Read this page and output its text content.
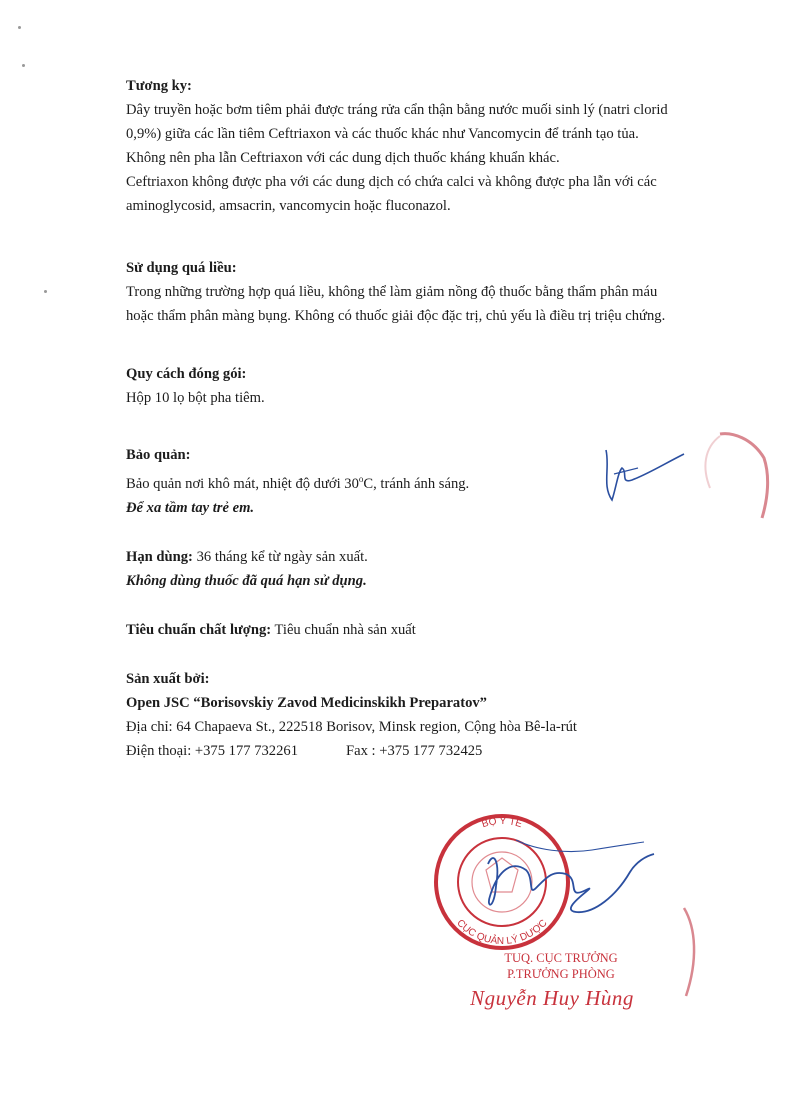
Tương ky:
Dây truyền hoặc bơm tiêm phải được tráng rửa cẩn thận bằng nước muối sinh lý (natri clorid
0,9%) giữa các lần tiêm Ceftriaxon và các thuốc khác như Vancomycin để tránh tạo tủa.
Không nên pha lẫn Ceftriaxon với các dung dịch thuốc kháng khuẩn khác.
Ceftriaxon không được pha với các dung dịch có chứa calci và không được pha lẫn với các
aminoglycosid, amsacrin, vancomycin hoặc fluconazol.
Sử dụng quá liều:
Trong những trường hợp quá liều, không thể làm giảm nồng độ thuốc bằng thẩm phân máu
hoặc thẩm phân màng bụng. Không có thuốc giải độc đặc trị, chủ yếu là điều trị triệu chứng.
Quy cách đóng gói:
Hộp 10 lọ bột pha tiêm.
Bảo quản:
Bảo quản nơi khô mát, nhiệt độ dưới 30$^o$C, tránh ánh sáng.
Để xa tầm tay trẻ em.
Hạn dùng: 36 tháng kể từ ngày sản xuất.
Không dùng thuốc đã quá hạn sử dụng.
Tiêu chuẩn chất lượng: Tiêu chuẩn nhà sản xuất
Sản xuất bởi:
Open JSC “Borisovskiy Zavod Medicinskikh Preparatov”
Địa chỉ: 64 Chapaeva St., 222518 Borisov, Minsk region, Cộng hòa Bê-la-rút
Điện thoại: +375 177 732261	Fax : +375 177 732425
BỘ Y TẾ
CỤC QUẢN LÝ DƯỢC
TUQ. CỤC TRƯỞNG
P.TRƯỞNG PHÒNG
Nguyễn Huy Hùng
